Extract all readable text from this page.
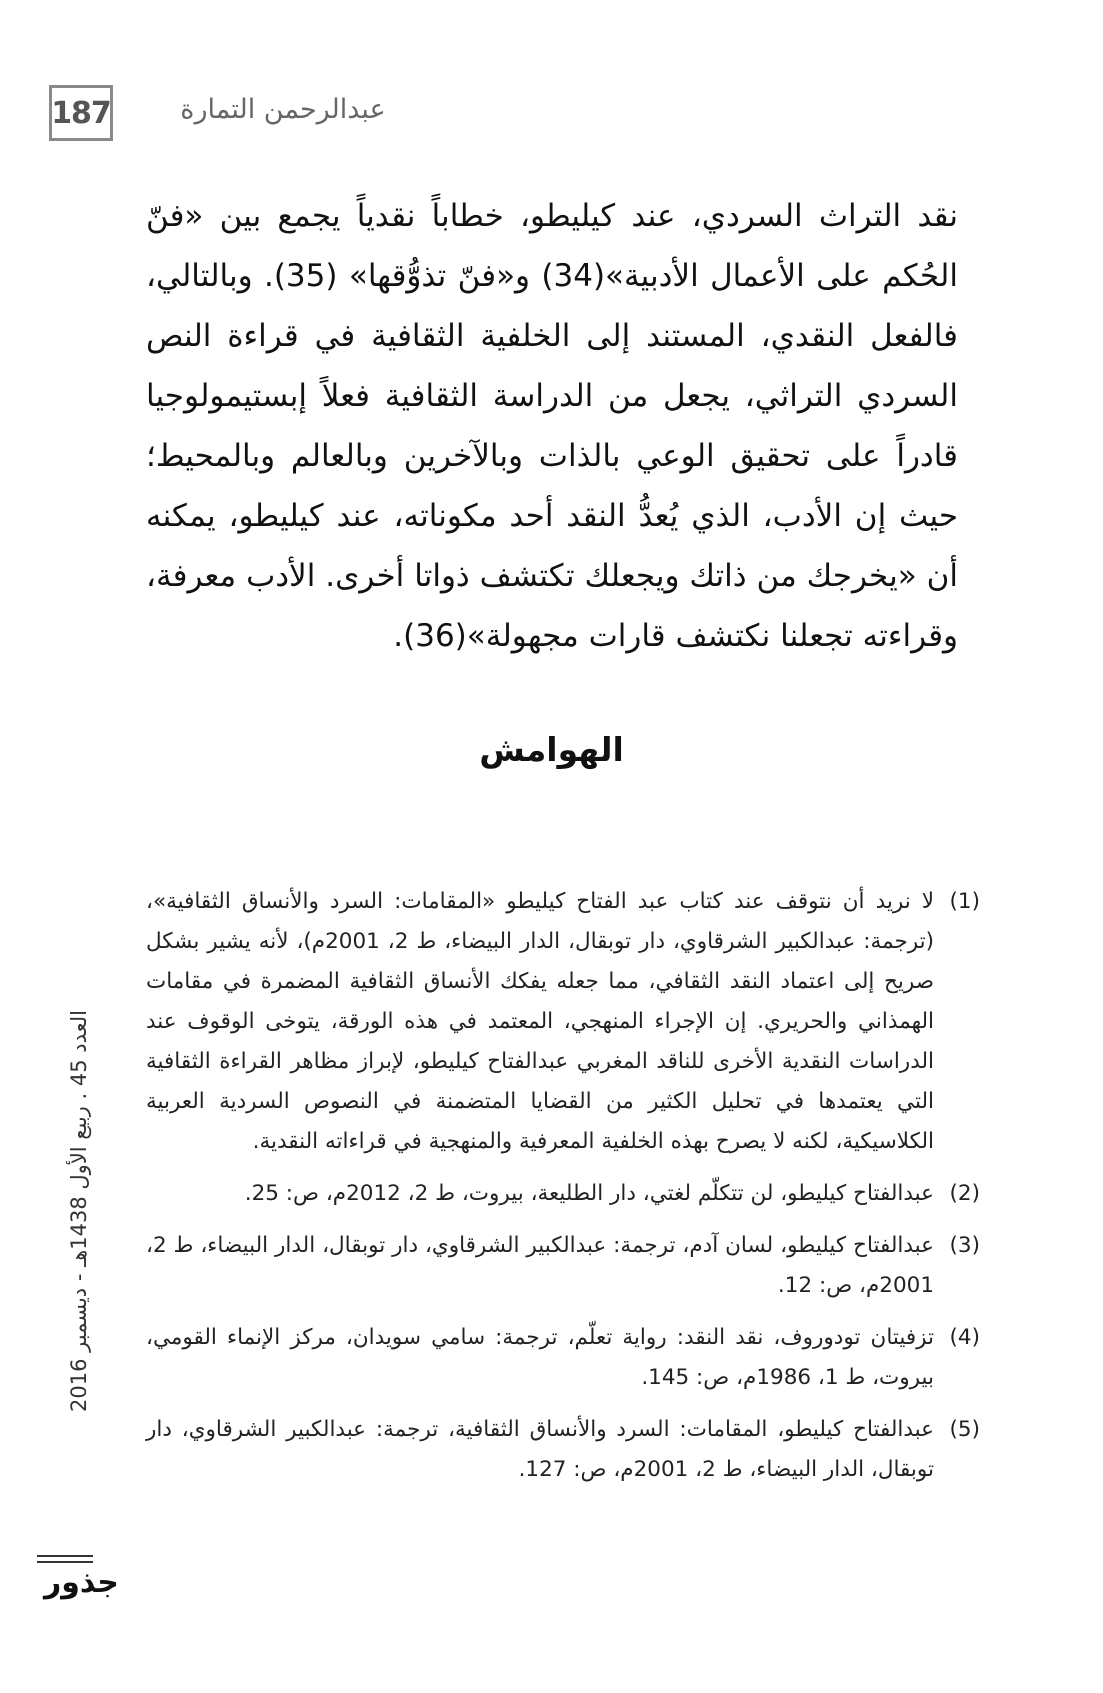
187	عبدالرحمن التمارة
نقد التراث السردي، عند كيليطو، خطاباً نقدياً يجمع بين «فنّ الحُكم على الأعمال الأدبية»(34) و«فنّ تذوُّقها» (35). وبالتالي، فالفعل النقدي، المستند إلى الخلفية الثقافية في قراءة النص السردي التراثي، يجعل من الدراسة الثقافية فعلاً إبستيمولوجيا قادراً على تحقيق الوعي بالذات وبالآخرين وبالعالم وبالمحيط؛ حيث إن الأدب، الذي يُعدُّ النقد أحد مكوناته، عند كيليطو، يمكنه أن «يخرجك من ذاتك ويجعلك تكتشف ذواتا أخرى. الأدب معرفة، وقراءته تجعلنا نكتشف قارات مجهولة»(36).
الهوامش
(1)
لا نريد أن نتوقف عند كتاب عبد الفتاح كيليطو «المقامات: السرد والأنساق الثقافية»، (ترجمة: عبدالكبير الشرقاوي، دار توبقال، الدار البيضاء، ط 2، 2001م)، لأنه يشير بشكل صريح إلى اعتماد النقد الثقافي، مما جعله يفكك الأنساق الثقافية المضمرة في مقامات الهمذاني والحريري. إن الإجراء المنهجي، المعتمد في هذه الورقة، يتوخى الوقوف عند الدراسات النقدية الأخرى للناقد المغربي عبدالفتاح كيليطو، لإبراز مظاهر القراءة الثقافية التي يعتمدها في تحليل الكثير من القضايا المتضمنة في النصوص السردية العربية الكلاسيكية، لكنه لا يصرح بهذه الخلفية المعرفية والمنهجية في قراءاته النقدية.
(2)
عبدالفتاح كيليطو، لن تتكلّم لغتي، دار الطليعة، بيروت، ط 2، 2012م، ص: 25.
(3)
عبدالفتاح كيليطو، لسان آدم، ترجمة: عبدالكبير الشرقاوي، دار توبقال، الدار البيضاء، ط 2، 2001م، ص: 12.
(4)
تزفيتان تودوروف، نقد النقد: رواية تعلّم، ترجمة: سامي سويدان، مركز الإنماء القومي، بيروت، ط 1، 1986م، ص: 145.
(5)
عبدالفتاح كيليطو، المقامات: السرد والأنساق الثقافية، ترجمة: عبدالكبير الشرقاوي، دار توبقال، الدار البيضاء، ط 2، 2001م، ص: 127.
العدد 45 . ربيع الأول 1438هـ - ديسمبر 2016
جذور
